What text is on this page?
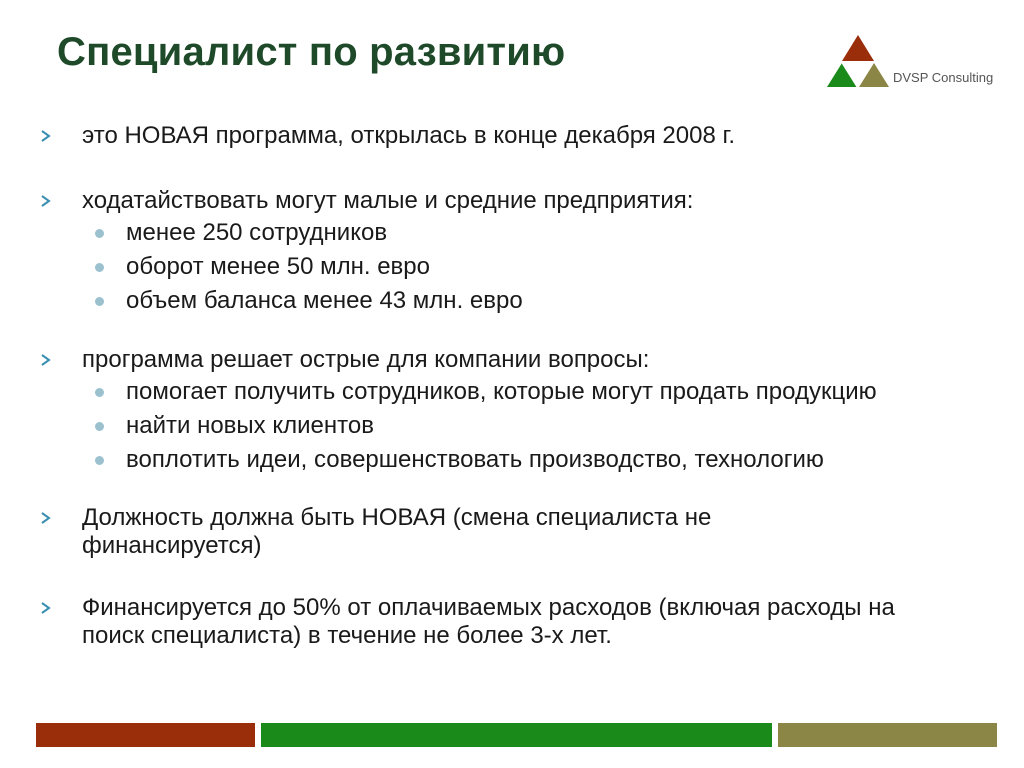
Специалист по развитию
DVSP Consulting
это НОВАЯ программа, открылась в конце декабря 2008 г.
ходатайствовать могут малые и средние предприятия:
менее 250 сотрудников
оборот менее 50 млн. евро
объем баланса менее 43 млн. евро
программа решает острые для компании вопросы:
помогает получить сотрудников, которые могут продать продукцию
найти новых клиентов
воплотить идеи, совершенствовать производство, технологию
Должность должна быть НОВАЯ (смена специалиста не финансируется)
Финансируется до 50% от оплачиваемых расходов (включая расходы на поиск специалиста) в течение не более 3-х лет.
